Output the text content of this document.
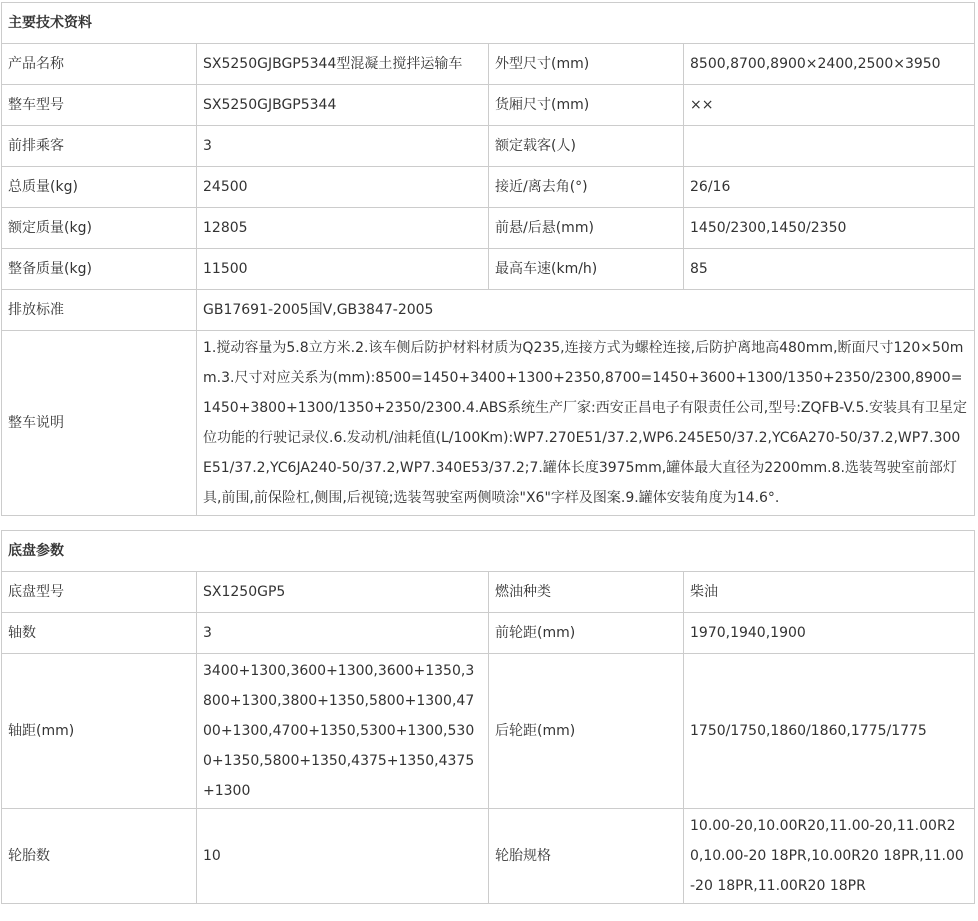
主要技术资料			
产品名称	SX5250GJBGP5344型混凝土搅拌运输车	外型尺寸(mm)	8500,8700,8900×2400,2500×3950
整车型号	SX5250GJBGP5344	货厢尺寸(mm)	××
前排乘客	3	额定载客(人)	
总质量(kg)	24500	接近/离去角(°)	26/16
额定质量(kg)	12805	前悬/后悬(mm)	1450/2300,1450/2350
整备质量(kg)	11500	最高车速(km/h)	85
排放标准	GB17691-2005国Ⅴ,GB3847-2005		
整车说明	1.搅动容量为5.8立方米.2.该车侧后防护材料材质为Q235,连接方式为螺栓连接,后防护离地高480mm,断面尺寸120×50mm.3.尺寸对应关系为(mm):8500=1450+3400+1300+2350,8700=1450+3600+1300/1350+2350/2300,8900=1450+3800+1300/1350+2350/2300.4.ABS系统生产厂家:西安正昌电子有限责任公司,型号:ZQFB-V.5.安装具有卫星定位功能的行驶记录仪.6.发动机/油耗值(L/100Km):WP7.270E51/37.2,WP6.245E50/37.2,YC6A270-50/37.2,WP7.300E51/37.2,YC6JA240-50/37.2,WP7.340E53/37.2;7.罐体长度3975mm,罐体最大直径为2200mm.8.选装驾驶室前部灯具,前围,前保险杠,侧围,后视镜;选装驾驶室两侧喷涂"X6"字样及图案.9.罐体安装角度为14.6°.		
底盘参数			
底盘型号	SX1250GP5	燃油种类	柴油
轴数	3	前轮距(mm)	1970,1940,1900
轴距(mm)	3400+1300,3600+1300,3600+1350,3800+1300,3800+1350,5800+1300,4700+1300,4700+1350,5300+1300,5300+1350,5800+1350,4375+1350,4375+1300	后轮距(mm)	1750/1750,1860/1860,1775/1775
轮胎数	10	轮胎规格	10.00-20,10.00R20,11.00-20,11.00R20,10.00-20 18PR,10.00R20 18PR,11.00-20 18PR,11.00R20 18PR
